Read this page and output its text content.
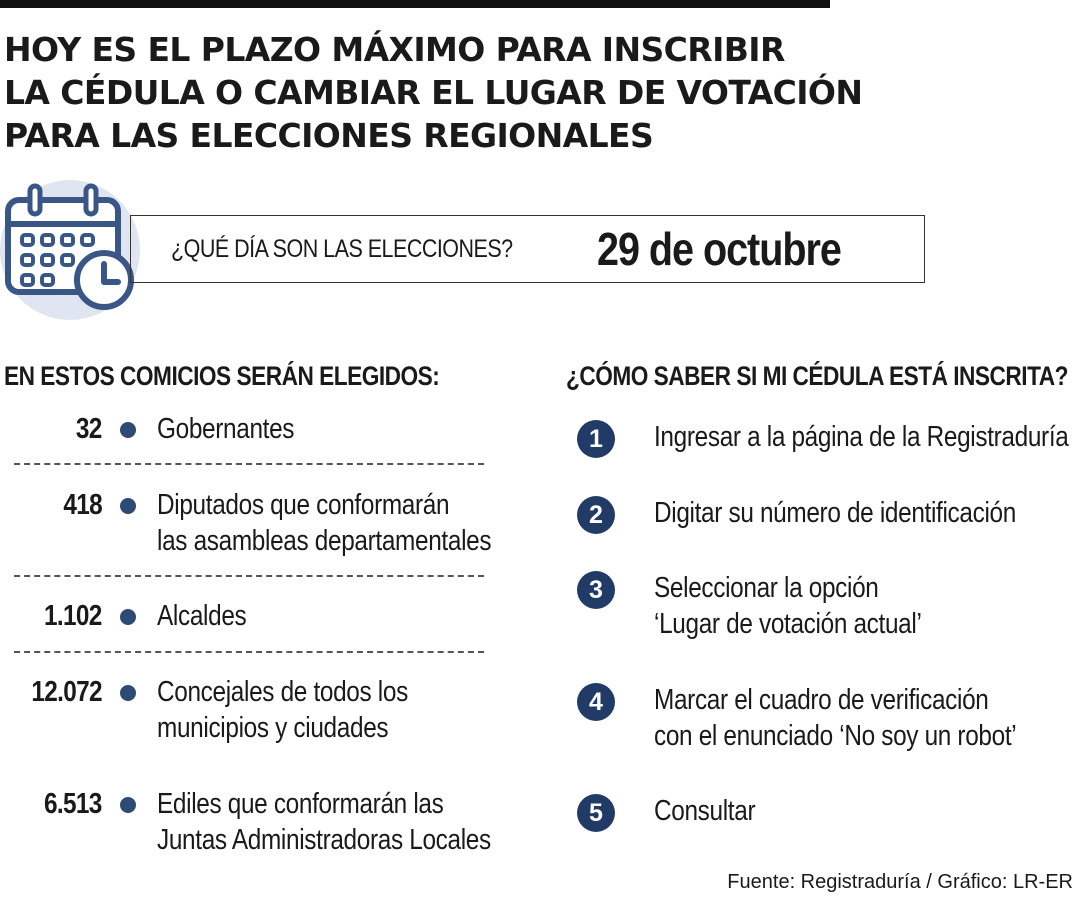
HOY ES EL PLAZO MÁXIMO PARA INSCRIBIR
LA CÉDULA O CAMBIAR EL LUGAR DE VOTACIÓN
PARA LAS ELECCIONES REGIONALES
¿QUÉ DÍA SON LAS ELECCIONES? 29 de octubre
EN ESTOS COMICIOS SERÁN ELEGIDOS:	¿CÓMO SABER SI MI CÉDULA ESTÁ INSCRITA?
32 Gobernantes
418 Diputados que conformarán
las asambleas departamentales
1.102 Alcaldes
12.072 Concejales de todos los
municipios y ciudades
6.513 Ediles que conformarán las
Juntas Administradoras Locales
1	Ingresar a la página de la Registraduría
2	Digitar su número de identificación
3	Seleccionar la opción
‘Lugar de votación actual’
4	Marcar el cuadro de verificación
con el enunciado ‘No soy un robot’
5	Consultar
Fuente: Registraduría / Gráfico: LR-ER
